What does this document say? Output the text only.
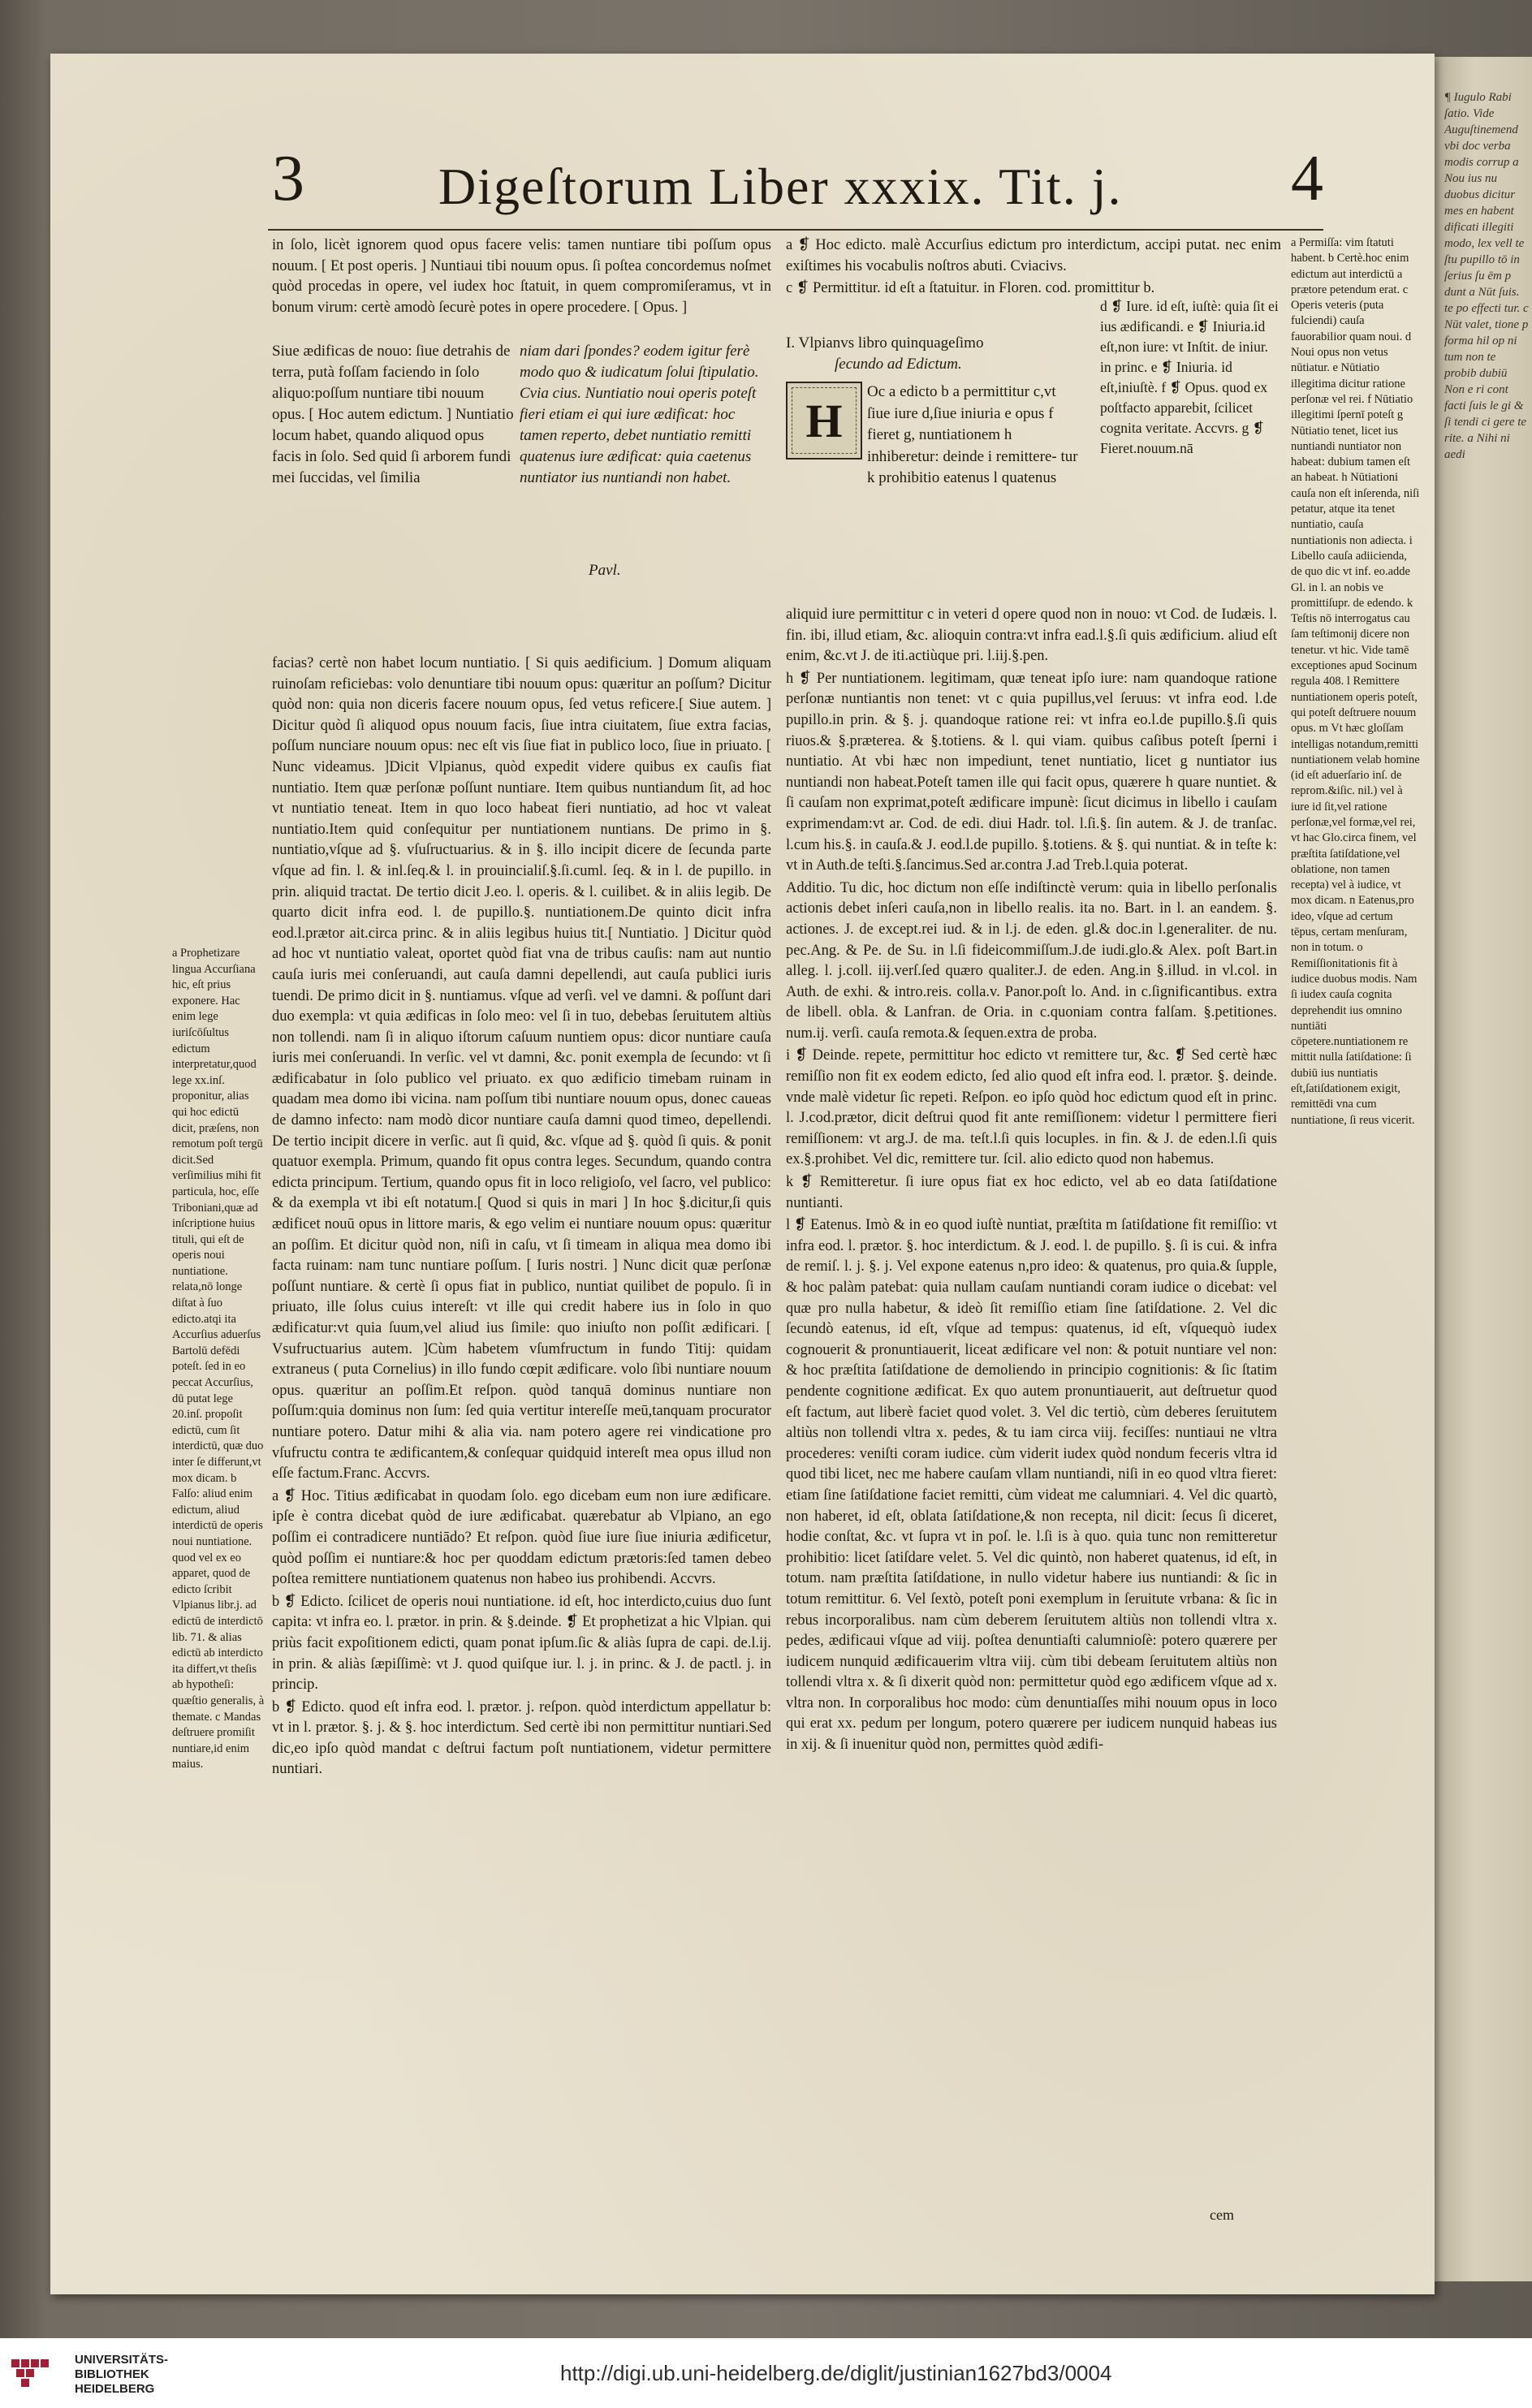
¶ Iugulo Rabi ſatio. Vide Auguſtinemend vbi doc verba modis corrup a Nou ius nu duobus dicitur mes en habent dificati illegiti modo, lex vell te ſtu pupillo tō in ſerius ſu ēm p dunt a Nūt ſuis. te po effecti tur. c Nūt valet, tione p forma hil op ni tum non te probib dubiū Non e ri cont facti ſuis le gi & ſi tendi ci gere te rite. a Nihi ni aedi
3	Digeſtorum Liber xxxix. Tit. j.	4

in ſolo, licèt ignorem quod opus facere velis: tamen nuntiare tibi poſſum opus nouum. [ Et post operis. ] Nuntiaui tibi nouum opus. ſi poſtea concordemus noſmet quòd procedas in opere, vel iudex hoc ſtatuit, in quem compromiſeramus, vt in bonum virum: certè amodò ſecurè potes in opere procedere. [ Opus. ]

Siue ædificas de nouo: ſiue detrahis de terra, putà foſſam faciendo in ſolo aliquo:poſſum nuntiare tibi nouum opus. [ Hoc autem edictum. ] Nuntiatio locum habet, quando aliquod opus facis in ſolo. Sed quid ſi arborem fundi mei ſuccidas, vel ſimilia
niam dari ſpondes? eodem igitur ferè modo quo & iudicatum ſolui ſtipulatio. Cvia cius. Nuntiatio noui operis poteſt fieri etiam ei qui iure ædificat: hoc tamen reperto, debet nuntiatio remitti quatenus iure ædificat: quia caetenus nuntiator ius nuntiandi non habet.
Pavl.

facias? certè non habet locum nuntiatio. [ Si quis aedificium. ] Domum aliquam ruinoſam reficiebas: volo denuntiare tibi nouum opus: quæritur an poſſum? Dicitur quòd non: quia non diceris facere nouum opus, ſed vetus reficere.[ Siue autem. ] Dicitur quòd ſi aliquod opus nouum facis, ſiue intra ciuitatem, ſiue extra facias, poſſum nunciare nouum opus: nec eſt vis ſiue fiat in publico loco, ſiue in priuato. [ Nunc videamus. ]Dicit Vlpianus, quòd expedit videre quibus ex cauſis fiat nuntiatio. Item quæ perſonæ poſſunt nuntiare. Item quibus nuntiandum ſit, ad hoc vt nuntiatio teneat. Item in quo loco habeat fieri nuntiatio, ad hoc vt valeat nuntiatio.Item quid conſequitur per nuntiationem nuntians. De primo in §. nuntiatio,vſque ad §. vſuſructuarius. & in §. illo incipit dicere de ſecunda parte vſque ad fin. l. & inl.ſeq.& l. in prouincialiſ.§.ſi.cuml. ſeq. & in l. de pupillo. in prin. aliquid tractat. De tertio dicit J.eo. l. operis. & l. cuilibet. & in aliis legib. De quarto dicit infra eod. l. de pupillo.§. nuntiationem.De quinto dicit infra eod.l.prætor ait.circa princ. & in aliis legibus huius tit.[ Nuntiatio. ] Dicitur quòd ad hoc vt nuntiatio valeat, oportet quòd fiat vna de tribus cauſis: nam aut nuntio cauſa iuris mei conſeruandi, aut cauſa damni depellendi, aut cauſa publici iuris tuendi. De primo dicit in §. nuntiamus. vſque ad verſi. vel ve damni. & poſſunt dari duo exempla: vt quia ædificas in ſolo meo: vel ſi in tuo, debebas ſeruitutem altiùs non tollendi. nam ſi in aliquo iſtorum caſuum nuntiem opus: dicor nuntiare cauſa iuris mei conſeruandi. In verſic. vel vt damni, &c. ponit exempla de ſecundo: vt ſi ædificabatur in ſolo publico vel priuato. ex quo ædificio timebam ruinam in quadam mea domo ibi vicina. nam poſſum tibi nuntiare nouum opus, donec caueas de damno infecto: nam modò dicor nuntiare cauſa damni quod timeo, depellendi. De tertio incipit dicere in verſic. aut ſi quid, &c. vſque ad §. quòd ſi quis. & ponit quatuor exempla. Primum, quando fit opus contra leges. Secundum, quando contra edicta principum. Tertium, quando opus fit in loco religioſo, vel ſacro, vel publico: & da exempla vt ibi eſt notatum.[ Quod si quis in mari ] In hoc §.dicitur,ſi quis ædificet nouū opus in littore maris, & ego velim ei nuntiare nouum opus: quæritur an poſſim. Et dicitur quòd non, niſi in caſu, vt ſi timeam in aliqua mea domo ibi facta ruinam: nam tunc nuntiare poſſum. [ Iuris nostri. ] Nunc dicit quæ perſonæ poſſunt nuntiare. & certè ſi opus fiat in publico, nuntiat quilibet de populo. ſi in priuato, ille ſolus cuius intereſt: vt ille qui credit habere ius in ſolo in quo ædificatur:vt quia ſuum,vel aliud ius ſimile: quo iniuſto non poſſit ædificari. [ Vsufructuarius autem. ]Cùm habetem vſumfructum in fundo Titij: quidam extraneus ( puta Cornelius) in illo fundo cœpit ædificare. volo ſibi nuntiare nouum opus. quæritur an poſſim.Et reſpon. quòd tanquā dominus nuntiare non poſſum:quia dominus non ſum: ſed quia vertitur intereſſe meū,tanquam procurator nuntiare potero. Datur mihi & alia via. nam potero agere rei vindicatione pro vſufructu contra te ædificantem,& conſequar quidquid intereſt mea opus illud non eſſe factum.Franc. Accvrs.

a ❡ Hoc. Titius ædificabat in quodam ſolo. ego dicebam eum non iure ædificare. ipſe è contra dicebat quòd de iure ædificabat. quærebatur ab Vlpiano, an ego poſſim ei contradicere nuntiādo? Et reſpon. quòd ſiue iure ſiue iniuria ædificetur, quòd poſſim ei nuntiare:& hoc per quoddam edictum prætoris:ſed tamen debeo poſtea remittere nuntiationem quatenus non habeo ius prohibendi. Accvrs.

b ❡ Edicto. ſcilicet de operis noui nuntiatione. id eſt, hoc interdicto,cuius duo ſunt capita: vt infra eo. l. prætor. in prin. & §.deinde. ❡ Et prophetizat a hic Vlpian. qui priùs facit expoſitionem edicti, quam ponat ipſum.ſic & aliàs ſupra de capi. de.l.ij. in prin. & aliàs ſæpiſſimè: vt J. quod quiſque iur. l. j. in princ. & J. de pactl. j. in princip.

b ❡ Edicto. quod eſt infra eod. l. prætor. j. reſpon. quòd interdictum appellatur b: vt in l. prætor. §. j. & §. hoc interdictum. Sed certè ibi non permittitur nuntiari.Sed dic,eo ipſo quòd mandat c deſtrui factum poſt nuntiationem, videtur permittere nuntiari.

a ❡ Hoc edicto. malè Accurſius edictum pro interdictum, accipi putat. nec enim exiſtimes his vocabulis noſtros abuti. Cviacivs.

c ❡ Permittitur. id eſt a ſtatuitur. in Floren. cod. promittitur b.

I. Vlpianvs libro quinquageſimo
ſecundo ad Edictum.
Oc a edicto b a permittitur c,vt ſiue iure d,ſiue iniuria e opus f fieret g, nuntiationem h inhiberetur: deinde i remittere- tur k prohibitio eatenus l quatenus
H
d ❡ Iure. id eſt, iuſtè: quia ſit ei ius ædificandi. e ❡ Iniuria.id eſt,non iure: vt Inſtit. de iniur. in princ. e ❡ Iniuria. id eſt,iniuſtè. f ❡ Opus. quod ex poſtfacto apparebit, ſcilicet cognita veritate. Accvrs. g ❡ Fieret.nouum.nā

aliquid iure permittitur c in veteri d opere quod non in nouo: vt Cod. de Iudæis. l. fin. ibi, illud etiam, &c. alioquin contra:vt infra ead.l.§.ſi quis ædificium. aliud eſt enim, &c.vt J. de iti.actiùque pri. l.iij.§.pen.

h ❡ Per nuntiationem. legitimam, quæ teneat ipſo iure: nam quandoque ratione perſonæ nuntiantis non tenet: vt c quia pupillus,vel ſeruus: vt infra eod. l.de pupillo.in prin. & §. j. quandoque ratione rei: vt infra eo.l.de pupillo.§.ſi quis riuos.& §.præterea. & §.totiens. & l. qui viam. quibus caſibus poteſt ſperni i nuntiatio. At vbi hæc non impediunt, tenet nuntiatio, licet g nuntiator ius nuntiandi non habeat.Poteſt tamen ille qui facit opus, quærere h quare nuntiet. & ſi cauſam non exprimat,poteſt ædificare impunè: ſicut dicimus in libello i cauſam exprimendam:vt ar. Cod. de edi. diui Hadr. tol. l.ſi.§. ſin autem. & J. de tranſac. l.cum his.§. in cauſa.& J. eod.l.de pupillo. §.totiens. & §. qui nuntiat. & in teſte k: vt in Auth.de teſti.§.ſancimus.Sed ar.contra J.ad Treb.l.quia poterat.

Additio. Tu dic, hoc dictum non eſſe indiſtinctè verum: quia in libello perſonalis actionis debet inſeri cauſa,non in libello realis. ita no. Bart. in l. an eandem. §. actiones. J. de except.rei iud. & in l.j. de eden. gl.& doc.in l.generaliter. de nu. pec.Ang. & Pe. de Su. in l.ſi fideicommiſſum.J.de iudi.glo.& Alex. poſt Bart.in alleg. l. j.coll. iij.verſ.ſed quæro qualiter.J. de eden. Ang.in §.illud. in vl.col. in Auth. de exhi. & intro.reis. colla.v. Panor.poſt lo. And. in c.ſignificantibus. extra de libell. obla. & Lanfran. de Oria. in c.quoniam contra falſam. §.petitiones. num.ij. verſi. cauſa remota.& ſequen.extra de proba.

i ❡ Deinde. repete, permittitur hoc edicto vt remittere tur, &c. ❡ Sed certè hæc remiſſio non fit ex eodem edicto, ſed alio quod eſt infra eod. l. prætor. §. deinde. vnde malè videtur ſic repeti. Reſpon. eo ipſo quòd hoc edictum quod eſt in princ. l. J.cod.prætor, dicit deſtrui quod fit ante remiſſionem: videtur l permittere fieri remiſſionem: vt arg.J. de ma. teſt.l.ſi quis locuples. in fin. & J. de eden.l.ſi quis ex.§.prohibet. Vel dic, remittere tur. ſcil. alio edicto quod non habemus.

k ❡ Remitteretur. ſi iure opus fiat ex hoc edicto, vel ab eo data ſatiſdatione nuntianti.

l ❡ Eatenus. Imò & in eo quod iuſtè nuntiat, præſtita m ſatiſdatione fit remiſſio: vt infra eod. l. prætor. §. hoc interdictum. & J. eod. l. de pupillo. §. ſi is cui. & infra de remiſ. l. j. §. j. Vel expone eatenus n,pro ideo: & quatenus, pro quia.& ſupple, & hoc palàm patebat: quia nullam cauſam nuntiandi coram iudice o dicebat: vel quæ pro nulla habetur, & ideò ſit remiſſio etiam ſine ſatiſdatione. 2. Vel dic ſecundò eatenus, id eſt, vſque ad tempus: quatenus, id eſt, vſquequò iudex cognouerit & pronuntiauerit, liceat ædificare vel non: & potuit nuntiare vel non: & hoc præſtita ſatiſdatione de demoliendo in principio cognitionis: & ſic ſtatim pendente cognitione ædificat. Ex quo autem pronuntiauerit, aut deſtruetur quod eſt factum, aut liberè faciet quod volet. 3. Vel dic tertiò, cùm deberes ſeruitutem altiùs non tollendi vltra x. pedes, & tu iam circa viij. feciſſes: nuntiaui ne vltra procederes: veniſti coram iudice. cùm viderit iudex quòd nondum feceris vltra id quod tibi licet, nec me habere cauſam vllam nuntiandi, niſi in eo quod vltra fieret: etiam ſine ſatiſdatione faciet remitti, cùm videat me calumniari. 4. Vel dic quartò, non haberet, id eſt, oblata ſatiſdatione,& non recepta, nil dicit: ſecus ſi diceret, hodie conſtat, &c. vt ſupra vt in poſ. le. l.ſi is à quo. quia tunc non remitteretur prohibitio: licet ſatiſdare velet. 5. Vel dic quintò, non haberet quatenus, id eſt, in totum. nam præſtita ſatiſdatione, in nullo videtur habere ius nuntiandi: & ſic in totum remittitur. 6. Vel ſextò, poteſt poni exemplum in ſeruitute vrbana: & ſic in rebus incorporalibus. nam cùm deberem ſeruitutem altiùs non tollendi vltra x. pedes, ædificaui vſque ad viij. poſtea denuntiaſti calumnioſè: potero quærere per iudicem nunquid ædificauerim vltra viij. cùm tibi debeam ſeruitutem altiùs non tollendi vltra x. & ſi dixerit quòd non: permittetur quòd ego ædificem vſque ad x. vltra non. In corporalibus hoc modo: cùm denuntiaſſes mihi nouum opus in loco qui erat xx. pedum per longum, potero quærere per iudicem nunquid habeas ius in xij. & ſi inuenitur quòd non, permittes quòd ædifi-

a Prophetizare lingua Accurſiana hic, eſt prius exponere. Hac enim lege iuriſcōſultus edictum interpretatur,quod lege xx.inſ. proponitur, alias qui hoc edictū dicit, præſens, non remotum poſt tergū dicit.Sed verſimilius mihi fit particula, hoc, eſſe Triboniani,quæ ad inſcriptione huius tituli, qui eſt de operis noui nuntiatione. relata,nō longe diſtat à ſuo edicto.atqi ita Accurſius aduerſus Bartolū defēdi poteſt. ſed in eo peccat Accurſius, dū putat lege 20.inſ. propoſit edictū, cum ſit interdictū, quæ duo inter ſe differunt,vt mox dicam. b Falſo: aliud enim edictum, aliud interdictū de operis noui nuntiatione. quod vel ex eo apparet, quod de edicto ſcribit Vlpianus libr.j. ad edictū de interdictō lib. 71. & alias edictū ab interdicto ita differt,vt theſis ab hypotheſi: quæſtio generalis, à themate. c Mandas deſtruere promiſit nuntiare,id enim maius.
a Permiſſa: vim ſtatuti habent. b Certè.hoc enim edictum aut interdictū a prætore petendum erat. c Operis veteris (puta fulciendi) cauſa fauorabilior quam noui. d Noui opus non vetus nūtiatur. e Nūtiatio illegitima dicitur ratione perſonæ vel rei. f Nūtiatio illegitimi ſpernī poteſt g Nūtiatio tenet, licet ius nuntiandi nuntiator non habeat: dubium tamen eſt an habeat. h Nūtiationi cauſa non eſt inſerenda, niſi petatur, atque ita tenet nuntiatio, cauſa nuntiationis non adiecta. i Libello cauſa adiicienda, de quo dic vt inf. eo.adde Gl. in l. an nobis ve promittiſupr. de edendo. k Teſtis nō interrogatus cau ſam teſtimonij dicere non tenetur. vt hic. Vide tamē exceptiones apud Socinum regula 408. l Remittere nuntiationem operis poteſt, qui poteſt deſtruere nouum opus. m Vt hæc gloſſam intelligas notandum,remitti nuntiationem velab homine (id eſt aduerſario inſ. de reprom.&iſic. nil.) vel à iure id ſit,vel ratione perſonæ,vel formæ,vel rei, vt hac Glo.circa finem, vel præſtita ſatiſdatione,vel oblatione, non tamen recepta) vel à iudice, vt mox dicam. n Eatenus,pro ideo, vſque ad certum tēpus, certam menſuram, non in totum. o Remiſſionitationis fit à iudice duobus modis. Nam ſi iudex cauſa cognita deprehendit ius omnino nuntiāti cōpetere.nuntiationem re mittit nulla ſatiſdatione: ſi dubiū ius nuntiatis eſt,ſatiſdationem exigit, remittēdi vna cum nuntiatione, ſi reus vicerit.
cem
UNIVERSITÄTS-
BIBLIOTHEK
HEIDELBERG
http://digi.ub.uni-heidelberg.de/diglit/justinian1627bd3/0004
